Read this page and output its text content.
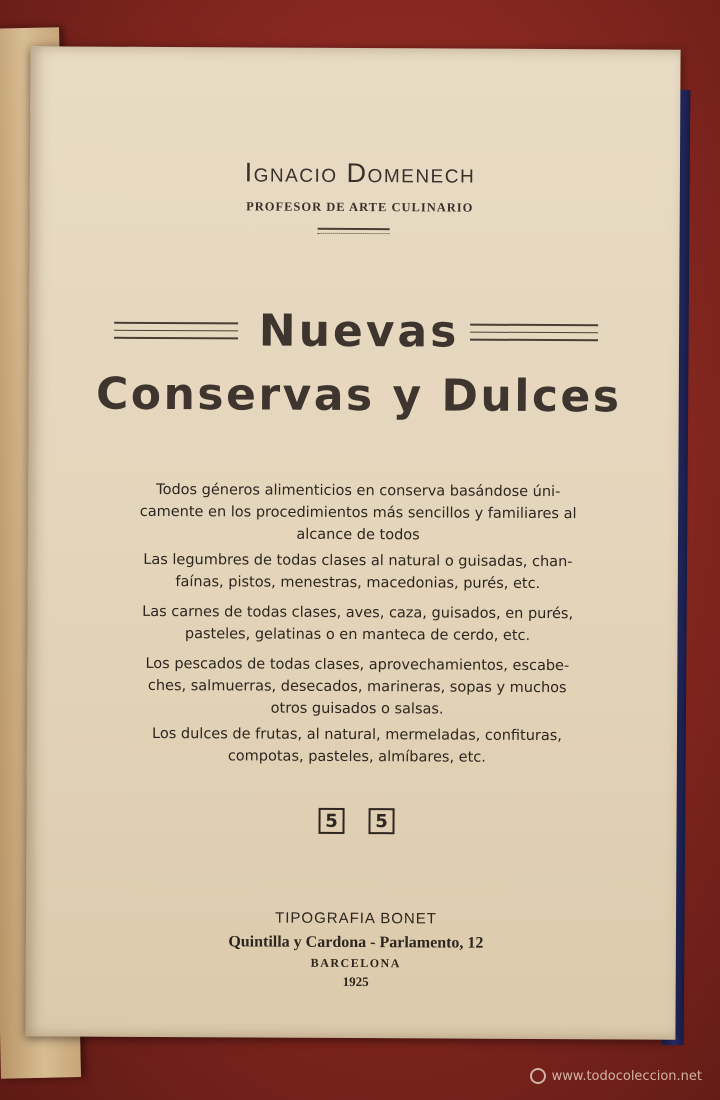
Ignacio Domenech
PROFESOR DE ARTE CULINARIO
Nuevas
Conservas y Dulces
Todos géneros alimenticios en conserva basándose úni-
camente en los procedimientos más sencillos y familiares al
alcance de todos
Las legumbres de todas clases al natural o guisadas, chan-
faínas, pistos, menestras, macedonias, purés, etc.
Las carnes de todas clases, aves, caza, guisados, en purés,
pasteles, gelatinas o en manteca de cerdo, etc.
Los pescados de todas clases, aprovechamientos, escabe-
ches, salmuerras, desecados, marineras, sopas y muchos
otros guisados o salsas.
Los dulces de frutas, al natural, mermeladas, confituras,
compotas, pasteles, almíbares, etc.
5	5
TIPOGRAFIA BONET
Quintilla y Cardona - Parlamento, 12
BARCELONA
1925
www.todocoleccion.net
